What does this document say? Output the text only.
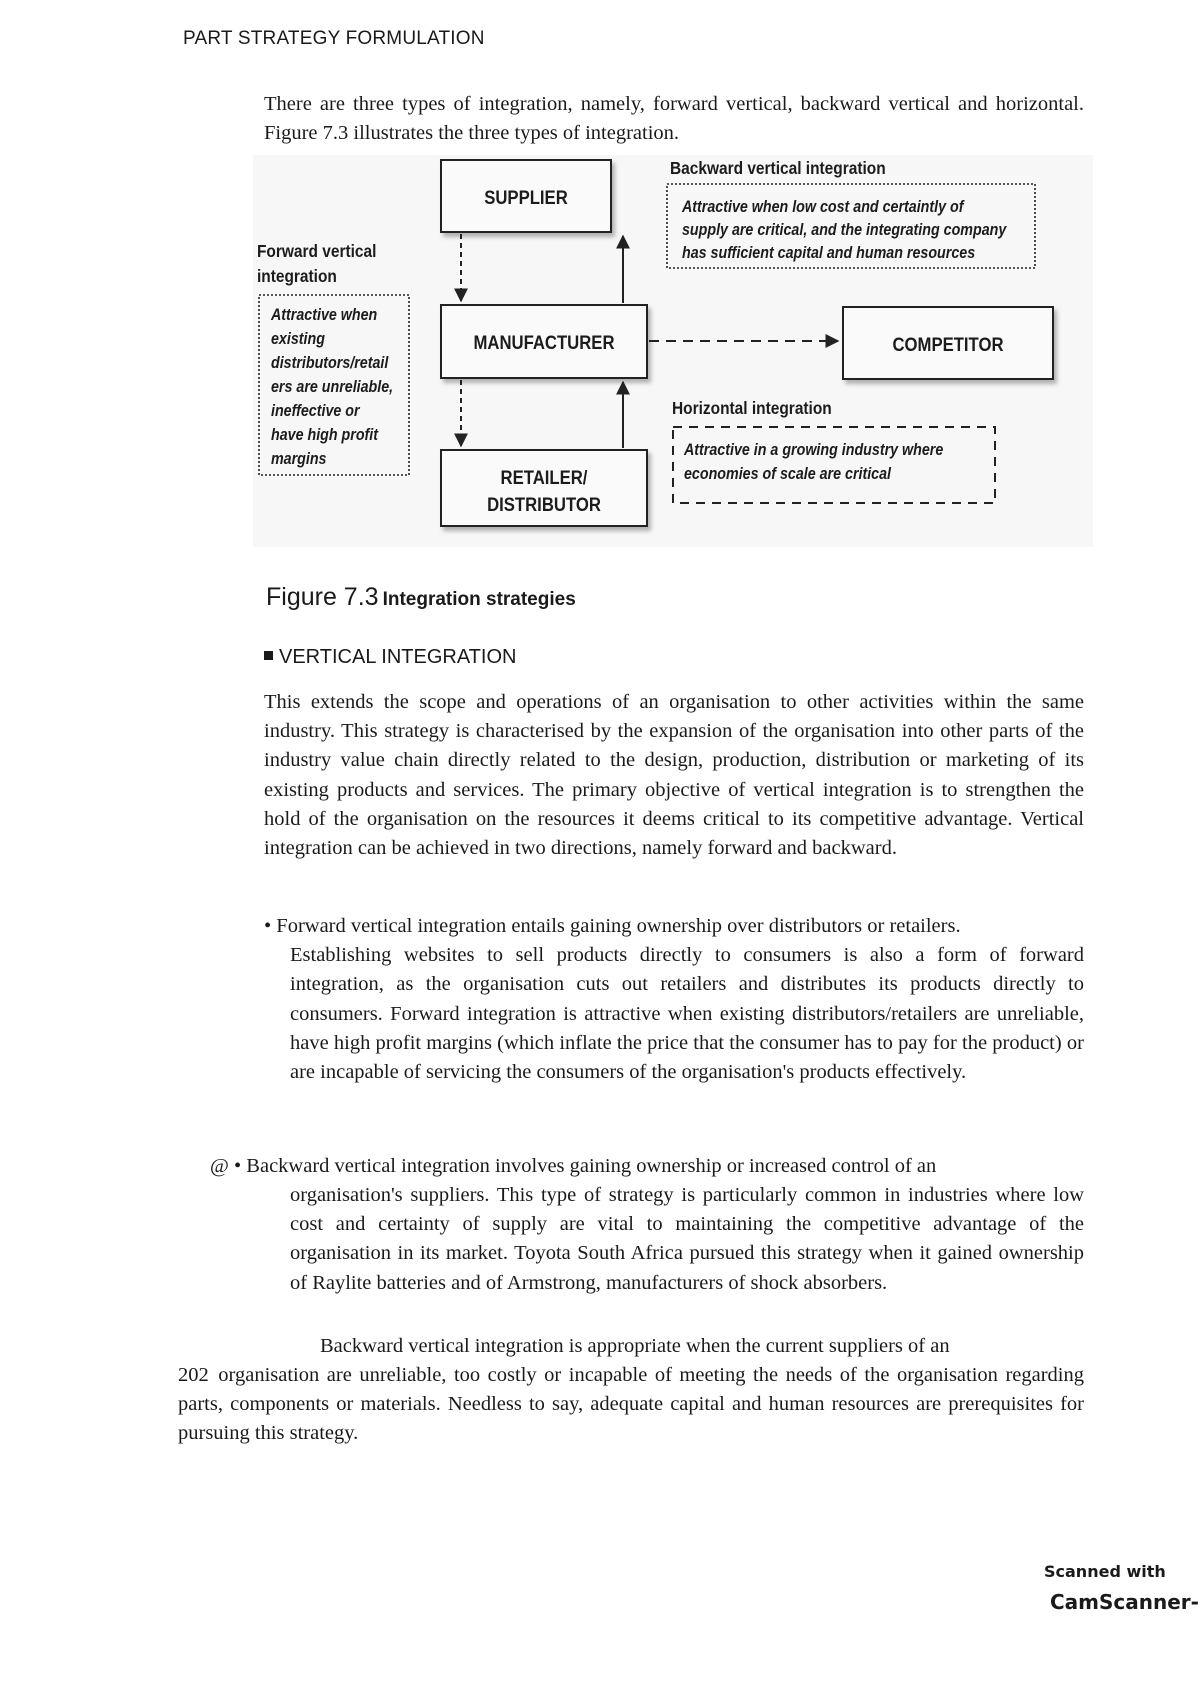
PART STRATEGY FORMULATION

There are three types of integration, namely, forward vertical, backward vertical and horizontal. Figure 7.3 illustrates the three types of integration.

SUPPLIER
MANUFACTURER
RETAILER/
DISTRIBUTOR
COMPETITOR
Backward vertical integration
Attractive when low cost and certaintly of
supply are critical, and the integrating company
has sufficient capital and human resources
Forward vertical
integration
Attractive when
existing
distributors/retail
ers are unreliable,
ineffective or
have high profit
margins
Horizontal integration
Attractive in a growing industry where
economies of scale are critical
Figure 7.3 Integration strategies
VERTICAL INTEGRATION

This extends the scope and operations of an organisation to other activities within the same industry. This strategy is characterised by the expansion of the organisation into other parts of the industry value chain directly related to the design, production, distribution or marketing of its existing products and services. The primary objective of vertical integration is to strengthen the hold of the organisation on the resources it deems critical to its competitive advantage. Vertical integration can be achieved in two directions, namely forward and backward.

• Forward vertical integration entails gaining ownership over distributors or retailers.
Establishing websites to sell products directly to consumers is also a form of forward integration, as the organisation cuts out retailers and distributes its products directly to consumers. Forward integration is attractive when existing distributors/retailers are unreliable, have high profit margins (which inflate the price that the consumer has to pay for the product) or are incapable of servicing the consumers of the organisation's products effectively.

@ • Backward vertical integration involves gaining ownership or increased control of an

organisation's suppliers. This type of strategy is particularly common in industries where low cost and certainty of supply are vital to maintaining the competitive advantage of the organisation in its market. Toyota South Africa pursued this strategy when it gained ownership of Raylite batteries and of Armstrong, manufacturers of shock absorbers.

Backward vertical integration is appropriate when the current suppliers of an

202 organisation are unreliable, too costly or incapable of meeting the needs of the organisation regarding parts, components or materials. Needless to say, adequate capital and human resources are prerequisites for pursuing this strategy.

Scanned with
CamScanner-
